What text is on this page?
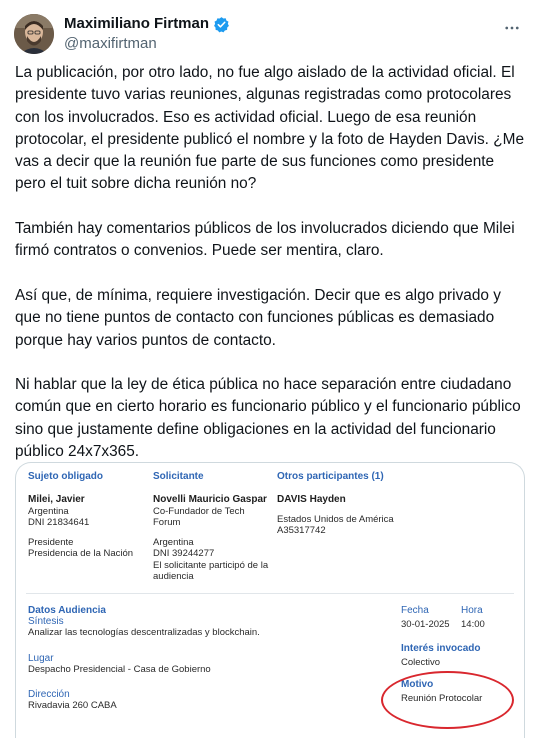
Maximiliano Firtman
@maxifirtman

La publicación, por otro lado, no fue algo aislado de la actividad oficial. El presidente tuvo varias reuniones, algunas registradas como protocolares con los involucrados. Eso es actividad oficial. Luego de esa reunión protocolar, el presidente publicó el nombre y la foto de Hayden Davis. ¿Me vas a decir que la reunión fue parte de sus funciones como presidente pero el tuit sobre dicha reunión no?

También hay comentarios públicos de los involucrados diciendo que Milei firmó contratos o convenios. Puede ser mentira, claro.

Así que, de mínima, requiere investigación. Decir que es algo privado y que no tiene puntos de contacto con funciones públicas es demasiado porque hay varios puntos de contacto.

Ni hablar que la ley de ética pública no hace separación entre ciudadano común que en cierto horario es funcionario público y el funcionario público sino que justamente define obligaciones en la actividad del funcionario público 24x7x365.

Sujeto obligado
Milei, Javier
Argentina
DNI 21834641
Presidente
Presidencia de la Nación
Solicitante
Novelli Mauricio Gaspar
Co-Fundador de Tech
Forum
Argentina
DNI 39244277
El solicitante participó de la
audiencia
Otros participantes (1)
DAVIS Hayden
Estados Unidos de América
A35317742
Datos Audiencia
Síntesis
Analizar las tecnologías descentralizadas y blockchain.
Lugar
Despacho Presidencial - Casa de Gobierno
Dirección
Rivadavia 260 CABA
Fecha
30-01-2025
Hora
14:00
Interés invocado
Colectivo
Motivo
Reunión Protocolar
